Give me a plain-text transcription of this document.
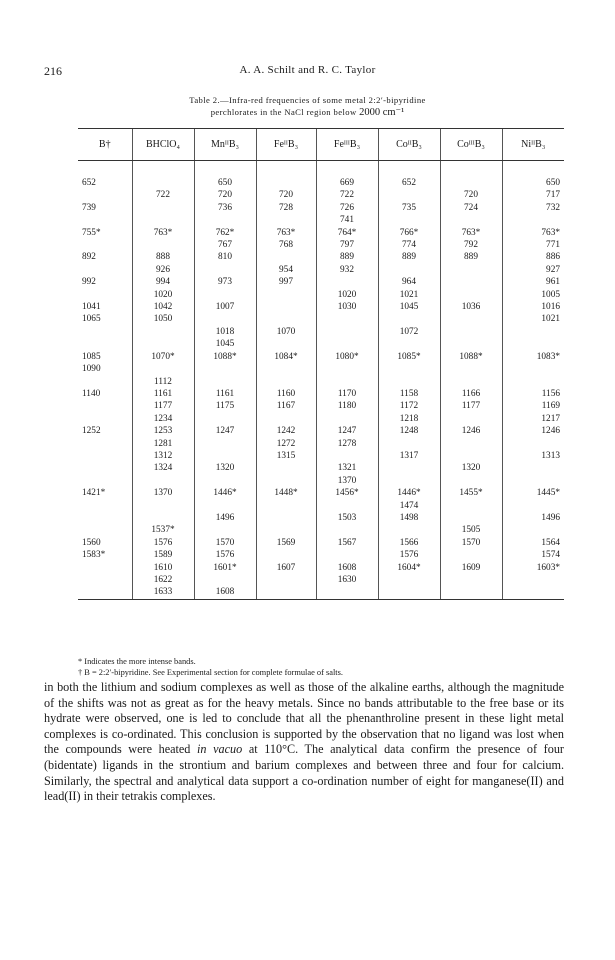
216	A. A. Schilt and R. C. Taylor
Table 2.—Infra-red frequencies of some metal 2:2′-bipyridine
perchlorates in the NaCl region below 2000 cm⁻¹
B†	BHClO₄	MnᴵᴵB₃	FeᴵᴵB₃	FeᴵᴵᴵB₃	CoᴵᴵB₃	CoᴵᴵᴵB₃	NiᴵᴵB₃

652		650		669	652		650
	722	720	720	722		720	717
739		736	728	726	735	724	732
				741			
755*	763*	762*	763*	764*	766*	763*	763*
		767	768	797	774	792	771
892	888	810		889	889	889	886
	926		954	932			927
992	994	973	997		964		961
	1020			1020	1021		1005
1041	1042	1007		1030	1045	1036	1016
1065	1050						1021
		1018	1070		1072		
		1045					
1085	1070*	1088*	1084*	1080*	1085*	1088*	1083*
1090							
	1112						
1140	1161	1161	1160	1170	1158	1166	1156
	1177	1175	1167	1180	1172	1177	1169
	1234				1218		1217
1252	1253	1247	1242	1247	1248	1246	1246
	1281		1272	1278			
	1312		1315		1317		1313
	1324	1320		1321		1320	
				1370			
1421*	1370	1446*	1448*	1456*	1446*	1455*	1445*
					1474		
		1496		1503	1498		1496
	1537*					1505	
1560	1576	1570	1569	1567	1566	1570	1564
1583*	1589	1576			1576		1574
	1610	1601*	1607	1608	1604*	1609	1603*
	1622			1630			
	1633	1608					
* Indicates the more intense bands.
† B = 2:2′-bipyridine. See Experimental section for complete formulae of salts.

in both the lithium and sodium complexes as well as those of the alkaline earths, although the magnitude of the shifts was not as great as for the heavy metals. Since no bands attributable to the free base or its hydrate were observed, one is led to conclude that all the phenanthroline present in these light metal complexes is co-ordinated. This conclusion is supported by the observation that no ligand was lost when the compounds were heated in vacuo at 110°C. The analytical data confirm the presence of four (bidentate) ligands in the strontium and barium complexes and between three and four for calcium. Similarly, the spectral and analytical data support a co-ordination number of eight for manganese(II) and lead(II) in their tetrakis complexes.
